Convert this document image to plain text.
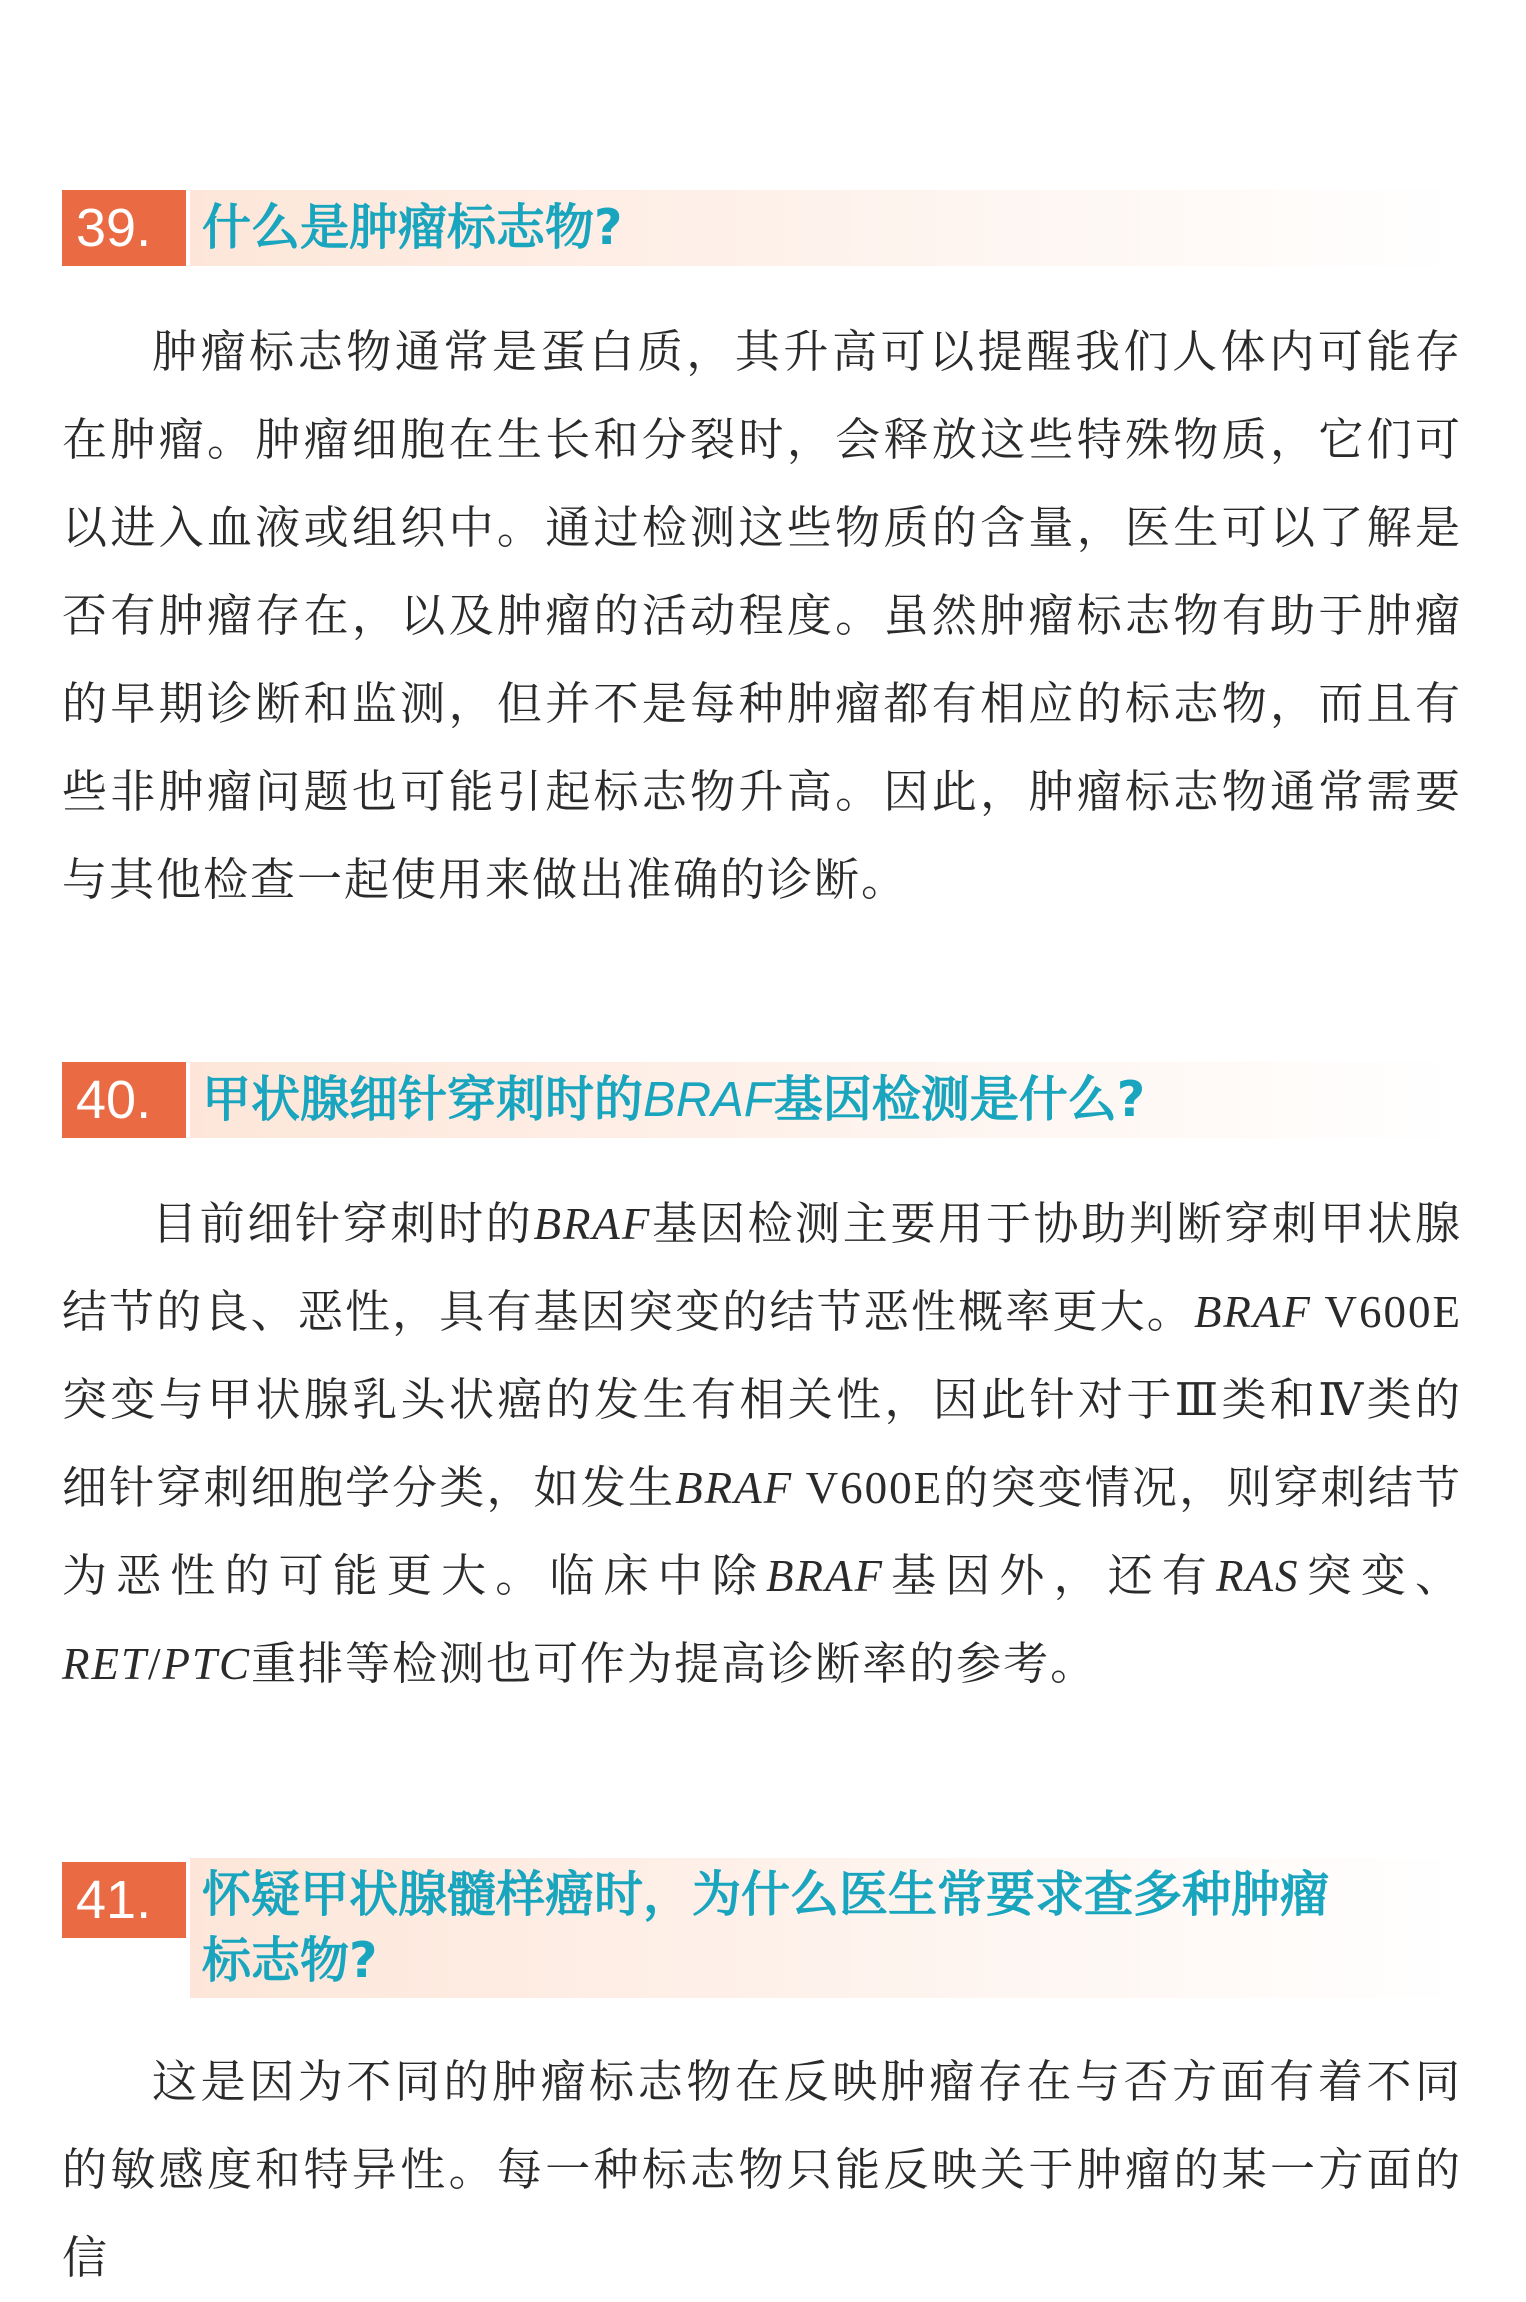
39.	什么是肿瘤标志物?

肿瘤标志物通常是蛋白质，其升高可以提醒我们人体内可能存在肿瘤。肿瘤细胞在生长和分裂时，会释放这些特殊物质，它们可以进入血液或组织中。通过检测这些物质的含量，医生可以了解是否有肿瘤存在，以及肿瘤的活动程度。虽然肿瘤标志物有助于肿瘤的早期诊断和监测，但并不是每种肿瘤都有相应的标志物，而且有些非肿瘤问题也可能引起标志物升高。因此，肿瘤标志物通常需要与其他检查一起使用来做出准确的诊断。

40.	甲状腺细针穿刺时的BRAF基因检测是什么?

目前细针穿刺时的BRAF基因检测主要用于协助判断穿刺甲状腺结节的良、恶性，具有基因突变的结节恶性概率更大。BRAF V600E突变与甲状腺乳头状癌的发生有相关性，因此针对于Ⅲ类和Ⅳ类的细针穿刺细胞学分类，如发生BRAF V600E的突变情况，则穿刺结节为恶性的可能更大。临床中除BRAF基因外，还有RAS突变、RET/PTC重排等检测也可作为提高诊断率的参考。

41.	怀疑甲状腺髓样癌时，为什么医生常要求查多种肿瘤
标志物?

这是因为不同的肿瘤标志物在反映肿瘤存在与否方面有着不同的敏感度和特异性。每一种标志物只能反映关于肿瘤的某一方面的信
